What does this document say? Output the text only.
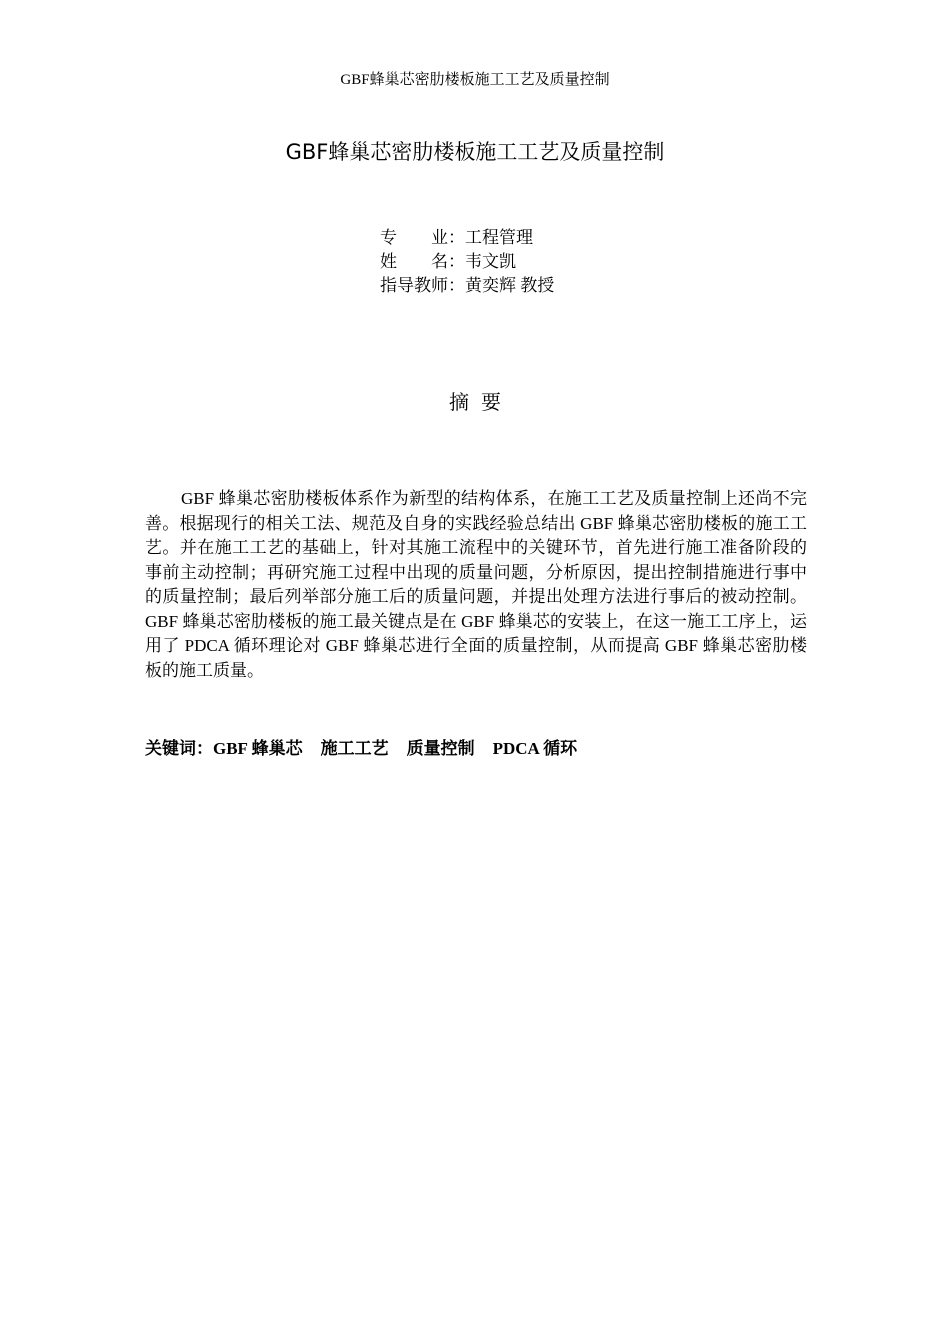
GBF蜂巢芯密肋楼板施工工艺及质量控制
GBF蜂巢芯密肋楼板施工工艺及质量控制
专 业 ： 工程管理
姓 名 ： 韦文凯
指导教师 ： 黄奕辉 教授
摘要

GBF 蜂巢芯密肋楼板体系作为新型的结构体系，在施工工艺及质量控制上还尚不完善。根据现行的相关工法、规范及自身的实践经验总结出 GBF 蜂巢芯密肋楼板的施工工艺。并在施工工艺的基础上，针对其施工流程中的关键环节，首先进行施工准备阶段的事前主动控制；再研究施工过程中出现的质量问题，分析原因，提出控制措施进行事中的质量控制；最后列举部分施工后的质量问题，并提出处理方法进行事后的被动控制。GBF 蜂巢芯密肋楼板的施工最关键点是在 GBF 蜂巢芯的安装上，在这一施工工序上，运用了 PDCA 循环理论对 GBF 蜂巢芯进行全面的质量控制，从而提高 GBF 蜂巢芯密肋楼板的施工质量。

关键词：GBF 蜂巢芯 施工工艺 质量控制 PDCA 循环
